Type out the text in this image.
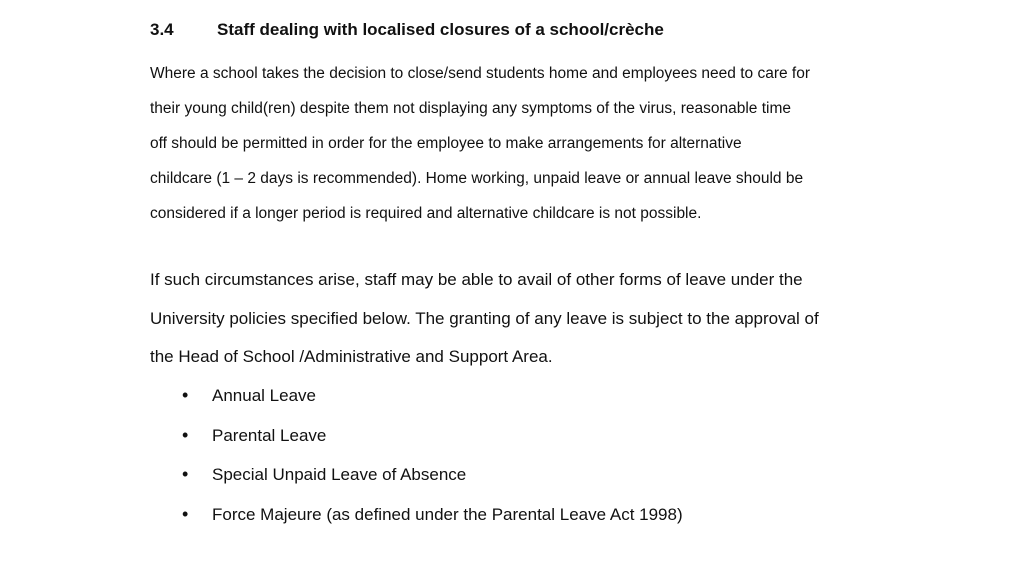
3.4	Staff dealing with localised closures of a school/crèche
Where a school takes the decision to close/send students home and employees need to care for
their young child(ren) despite them not displaying any symptoms of the virus, reasonable time
off should be permitted in order for the employee to make arrangements for alternative
childcare (1 – 2 days is recommended). Home working, unpaid leave or annual leave should be
considered if a longer period is required and alternative childcare is not possible.
If such circumstances arise, staff may be able to avail of other forms of leave under the
University policies specified below. The granting of any leave is subject to the approval of
the Head of School /Administrative and Support Area.
• Annual Leave
• Parental Leave
• Special Unpaid Leave of Absence
• Force Majeure (as defined under the Parental Leave Act 1998)
